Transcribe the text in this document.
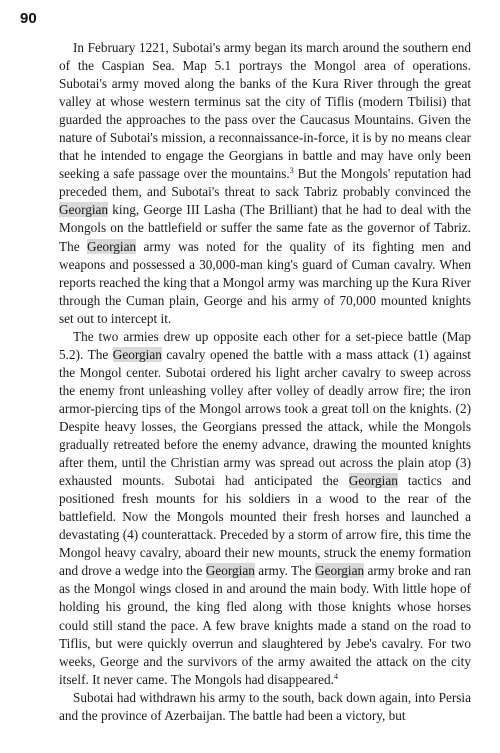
90

In February 1221, Subotai's army began its march around the southern end of the Caspian Sea. Map 5.1 portrays the Mongol area of operations. Subotai's army moved along the banks of the Kura River through the great valley at whose western terminus sat the city of Tiflis (modern Tbilisi) that guarded the approaches to the pass over the Caucasus Mountains. Given the nature of Subotai's mission, a reconnaissance-in-force, it is by no means clear that he intended to engage the Georgians in battle and may have only been seeking a safe passage over the mountains.$^3$ But the Mongols' reputation had preceded them, and Subotai's threat to sack Tabriz probably convinced the Georgian king, George III Lasha (The Brilliant) that he had to deal with the Mongols on the battlefield or suffer the same fate as the governor of Tabriz. The Georgian army was noted for the quality of its fighting men and weapons and possessed a 30,000-man king's guard of Cuman cavalry. When reports reached the king that a Mongol army was marching up the Kura River through the Cuman plain, George and his army of 70,000 mounted knights set out to intercept it.

The two armies drew up opposite each other for a set-piece battle (Map 5.2). The Georgian cavalry opened the battle with a mass attack (1) against the Mongol center. Subotai ordered his light archer cavalry to sweep across the enemy front unleashing volley after volley of deadly arrow fire; the iron armor-piercing tips of the Mongol arrows took a great toll on the knights. (2) Despite heavy losses, the Georgians pressed the attack, while the Mongols gradually retreated before the enemy advance, drawing the mounted knights after them, until the Christian army was spread out across the plain atop (3) exhausted mounts. Subotai had anticipated the Georgian tactics and positioned fresh mounts for his soldiers in a wood to the rear of the battlefield. Now the Mongols mounted their fresh horses and launched a devastating (4) counterattack. Preceded by a storm of arrow fire, this time the Mongol heavy cavalry, aboard their new mounts, struck the enemy formation and drove a wedge into the Georgian army. The Georgian army broke and ran as the Mongol wings closed in and around the main body. With little hope of holding his ground, the king fled along with those knights whose horses could still stand the pace. A few brave knights made a stand on the road to Tiflis, but were quickly overrun and slaughtered by Jebe's cavalry. For two weeks, George and the survivors of the army awaited the attack on the city itself. It never came. The Mongols had disappeared.$^4$

Subotai had withdrawn his army to the south, back down again, into Persia and the province of Azerbaijan. The battle had been a victory, but
